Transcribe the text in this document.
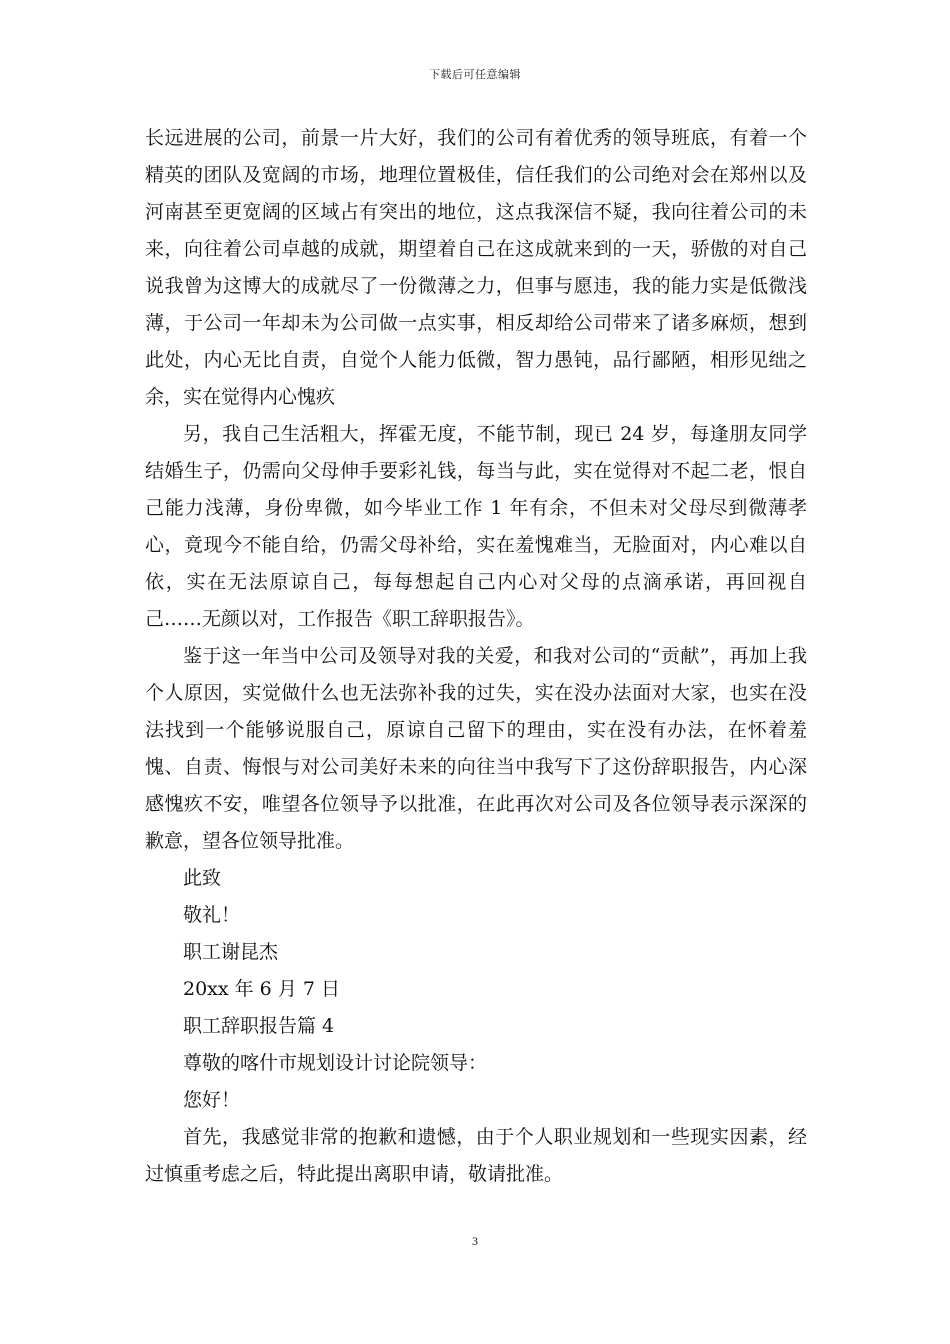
下载后可任意编辑

长远进展的公司，前景一片大好，我们的公司有着优秀的领导班底，有着一个精英的团队及宽阔的市场，地理位置极佳，信任我们的公司绝对会在郑州以及河南甚至更宽阔的区域占有突出的地位，这点我深信不疑，我向往着公司的未来，向往着公司卓越的成就，期望着自己在这成就来到的一天，骄傲的对自己说我曾为这博大的成就尽了一份微薄之力，但事与愿违，我的能力实是低微浅薄，于公司一年却未为公司做一点实事，相反却给公司带来了诸多麻烦，想到此处，内心无比自责，自觉个人能力低微，智力愚钝，品行鄙陋，相形见绌之余，实在觉得内心愧疚

另，我自己生活粗大，挥霍无度，不能节制，现已 24 岁，每逢朋友同学结婚生子，仍需向父母伸手要彩礼钱，每当与此，实在觉得对不起二老，恨自己能力浅薄，身份卑微，如今毕业工作 1 年有余，不但未对父母尽到微薄孝心，竟现今不能自给，仍需父母补给，实在羞愧难当，无脸面对，内心难以自依，实在无法原谅自己，每每想起自己内心对父母的点滴承诺，再回视自己……无颜以对，工作报告《职工辞职报告》。

鉴于这一年当中公司及领导对我的关爱，和我对公司的“贡献”，再加上我个人原因，实觉做什么也无法弥补我的过失，实在没办法面对大家，也实在没法找到一个能够说服自己，原谅自己留下的理由，实在没有办法，在怀着羞愧、自责、悔恨与对公司美好未来的向往当中我写下了这份辞职报告，内心深感愧疚不安，唯望各位领导予以批准，在此再次对公司及各位领导表示深深的歉意，望各位领导批准。

此致

敬礼！

职工谢昆杰

20xx 年 6 月 7 日

职工辞职报告篇 4

尊敬的喀什市规划设计讨论院领导：

您好！

首先，我感觉非常的抱歉和遗憾，由于个人职业规划和一些现实因素，经过慎重考虑之后，特此提出离职申请，敬请批准。

3
